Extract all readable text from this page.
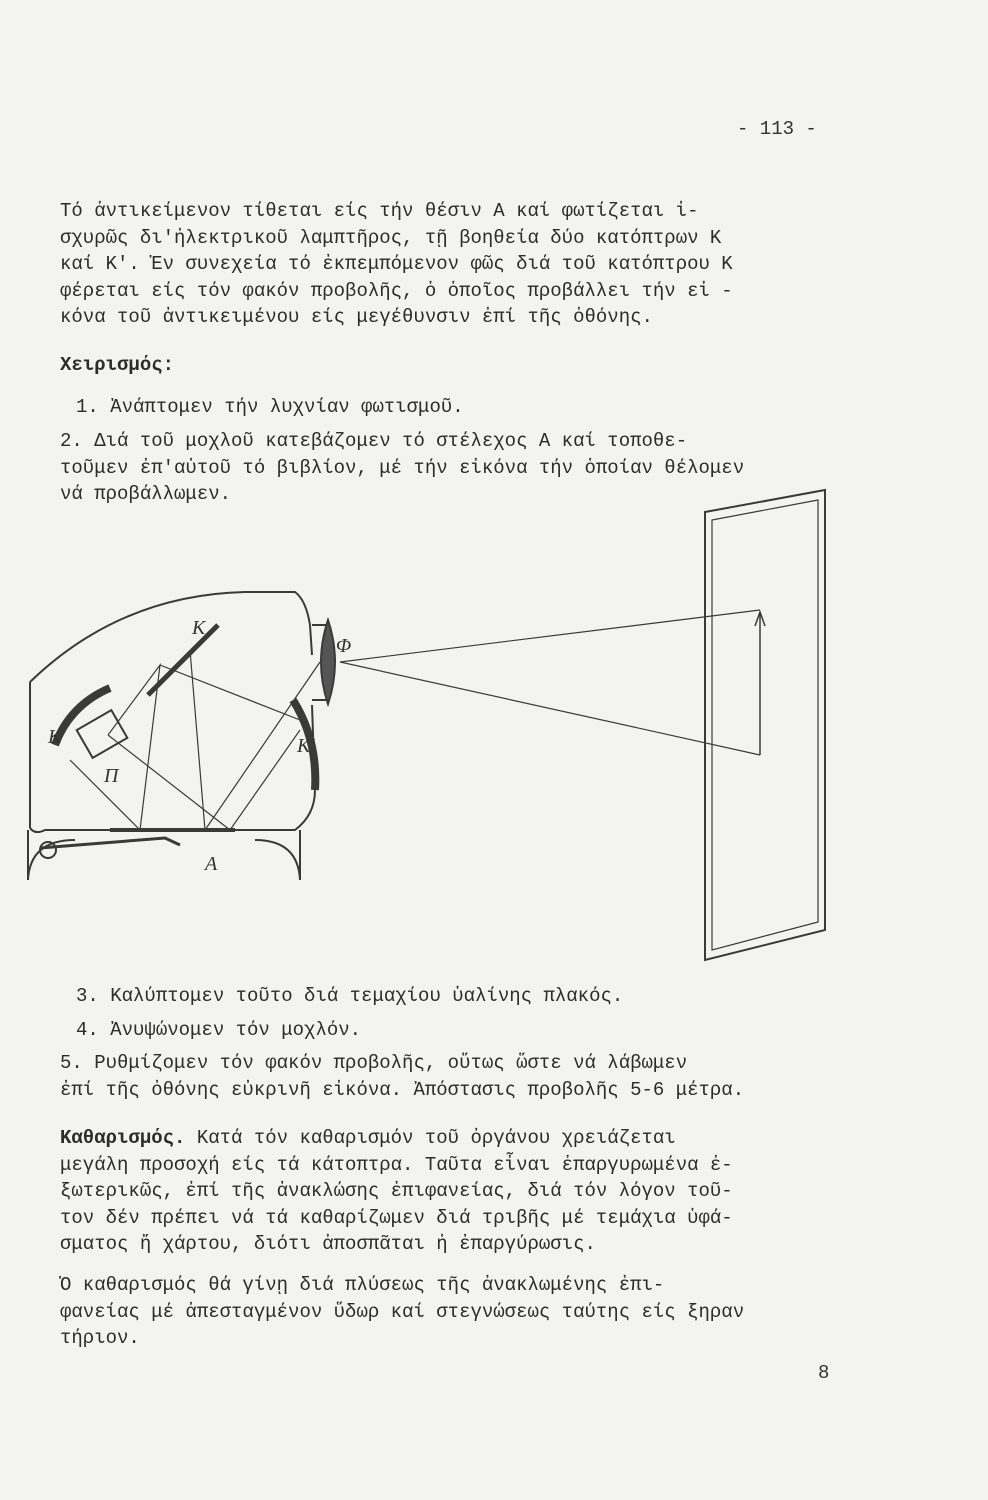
- 113 -
Τό ἀντικείμενον τίθεται είς τήν θέσιν Α καί φωτίζεται ἰ-
σχυρῶς δι'ἠλεκτρικοῦ λαμπτῆρος, τῇ βοηθεία δύο κατόπτρων Κ
καί Κ'. Ἐν συνεχεία τό ἐκπεμπόμενον φῶς διά τοῦ κατόπτρου Κ
φέρεται είς τόν φακόν προβολῆς, ὁ ὁποῖος προβάλλει τήν εἰ -
κόνα τοῦ ἀντικειμένου είς μεγέθυνσιν ἐπί τῆς ὀθόνης.
Χειρισμός:
1. Ἀνάπτομεν τήν λυχνίαν φωτισμοῦ.
2. Διά τοῦ μοχλοῦ κατεβάζομεν τό στέλεχος Α καί τοποθε-
τοῦμεν ἐπ'αὐτοῦ τό βιβλίον, μέ τήν εἰκόνα τήν ὁποίαν θέλομεν
νά προβάλλωμεν.
Κ
Φ
Κ
Π
Κ'
Α
3. Καλύπτομεν τοῦτο διά τεμαχίου ὑαλίνης πλακός.
4. Ἀνυψώνομεν τόν μοχλόν.
5. Ρυθμίζομεν τόν φακόν προβολῆς, οὕτως ὥστε νά λάβωμεν
ἐπί τῆς ὀθόνης εὐκρινῆ εἰκόνα. Ἀπόστασις προβολῆς 5-6 μέτρα.
Καθαρισμός. Κατά τόν καθαρισμόν τοῦ ὀργάνου χρειάζεται
μεγάλη προσοχή είς τά κάτοπτρα. Ταῦτα εἶναι ἐπαργυρωμένα ἐ-
ξωτερικῶς, ἐπί τῆς ἀνακλώσης ἐπιφανείας, διά τόν λόγον τοῦ-
τον δέν πρέπει νά τά καθαρίζωμεν διά τριβῆς μέ τεμάχια ὑφά-
σματος ἤ χάρτου, διότι ἀποσπᾶται ἡ ἐπαργύρωσις.
Ὁ καθαρισμός θά γίνῃ διά πλύσεως τῆς ἀνακλωμένης ἐπι-
φανείας μέ ἀπεσταγμένον ὕδωρ καί στεγνώσεως ταύτης είς ξηραν
τήριον.
8
